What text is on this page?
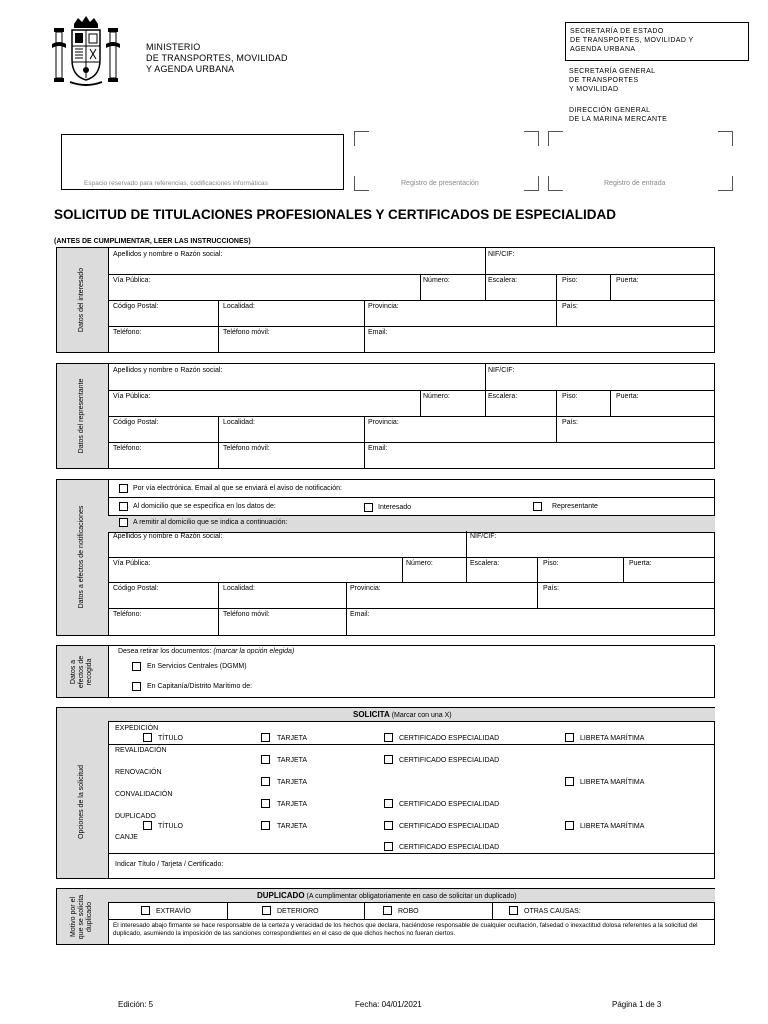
MINISTERIO
DE TRANSPORTES, MOVILIDAD
Y AGENDA URBANA
SECRETARÍA DE ESTADO
DE TRANSPORTES, MOVILIDAD Y
AGENDA URBANA
SECRETARÍA GENERAL
DE TRANSPORTES
Y MOVILIDAD
DIRECCIÓN GENERAL
DE LA MARINA MERCANTE
Espacio reservado para referencias, codificaciones informáticas	Registro de presentación	Registro de entrada
SOLICITUD DE TITULACIONES PROFESIONALES Y CERTIFICADOS DE ESPECIALIDAD
(ANTES DE CUMPLIMENTAR, LEER LAS INSTRUCCIONES)
Datos del interesado
Apellidos y nombre o Razón social:	NIF/CIF:
Vía Pública:	Número:	Escalera:	Piso:	Puerta:
Código Postal:	Localidad:	Provincia:	País:
Teléfono:	Teléfono móvil:	Email:
Datos del representante
Apellidos y nombre o Razón social:	NIF/CIF:
Vía Pública:	Número:	Escalera:	Piso:	Puerta:
Código Postal:	Localidad:	Provincia:	País:
Teléfono:	Teléfono móvil:	Email:
Datos a efectos de notificaciones
Por vía electrónica. Email al que se enviará el aviso de notificación:
Al domicilio que se especifica en los datos de:	Interesado	Representante
A remitir al domicilio que se indica a continuación:
Apellidos y nombre o Razón social:	NIF/CIF:
Vía Pública:	Número:	Escalera:	Piso:	Puerta:
Código Postal:	Localidad:	Provincia:	País:
Teléfono:	Teléfono móvil:	Email:
Datos a efectos de recogida
Desea retirar los documentos: (marcar la opción elegida)
En Servicios Centrales (DGMM)
En Capitanía/Distrito Marítimo de:
Opciones de la solicitud
SOLICITA (Marcar con una X)
EXPEDICIÓN
TÍTULO	TARJETA	CERTIFICADO ESPECIALIDAD	LIBRETA MARÍTIMA
REVALIDACIÓN
TARJETA	CERTIFICADO ESPECIALIDAD
RENOVACIÓN
TARJETA	LIBRETA MARÍTIMA
CONVALIDACIÓN
TARJETA	CERTIFICADO ESPECIALIDAD
DUPLICADO
TÍTULO	TARJETA	CERTIFICADO ESPECIALIDAD	LIBRETA MARÍTIMA
CANJE
CERTIFICADO ESPECIALIDAD
Indicar Título / Tarjeta / Certificado:
Motivo por el que se solicita duplicado
DUPLICADO (A cumplimentar obligatoriamente en caso de solicitar un duplicado)
EXTRAVÍO	DETERIORO	ROBO	OTRAS CAUSAS:
El interesado abajo firmante se hace responsable de la certeza y veracidad de los hechos que declara, haciéndose responsable de cualquier ocultación, falsedad o inexactitud dolosa referentes a la solicitud del duplicado, asumiendo la imposición de las sanciones correspondientes en el caso de que dichos hechos no fueran ciertos.
Edición: 5	Fecha: 04/01/2021	Página 1 de 3
